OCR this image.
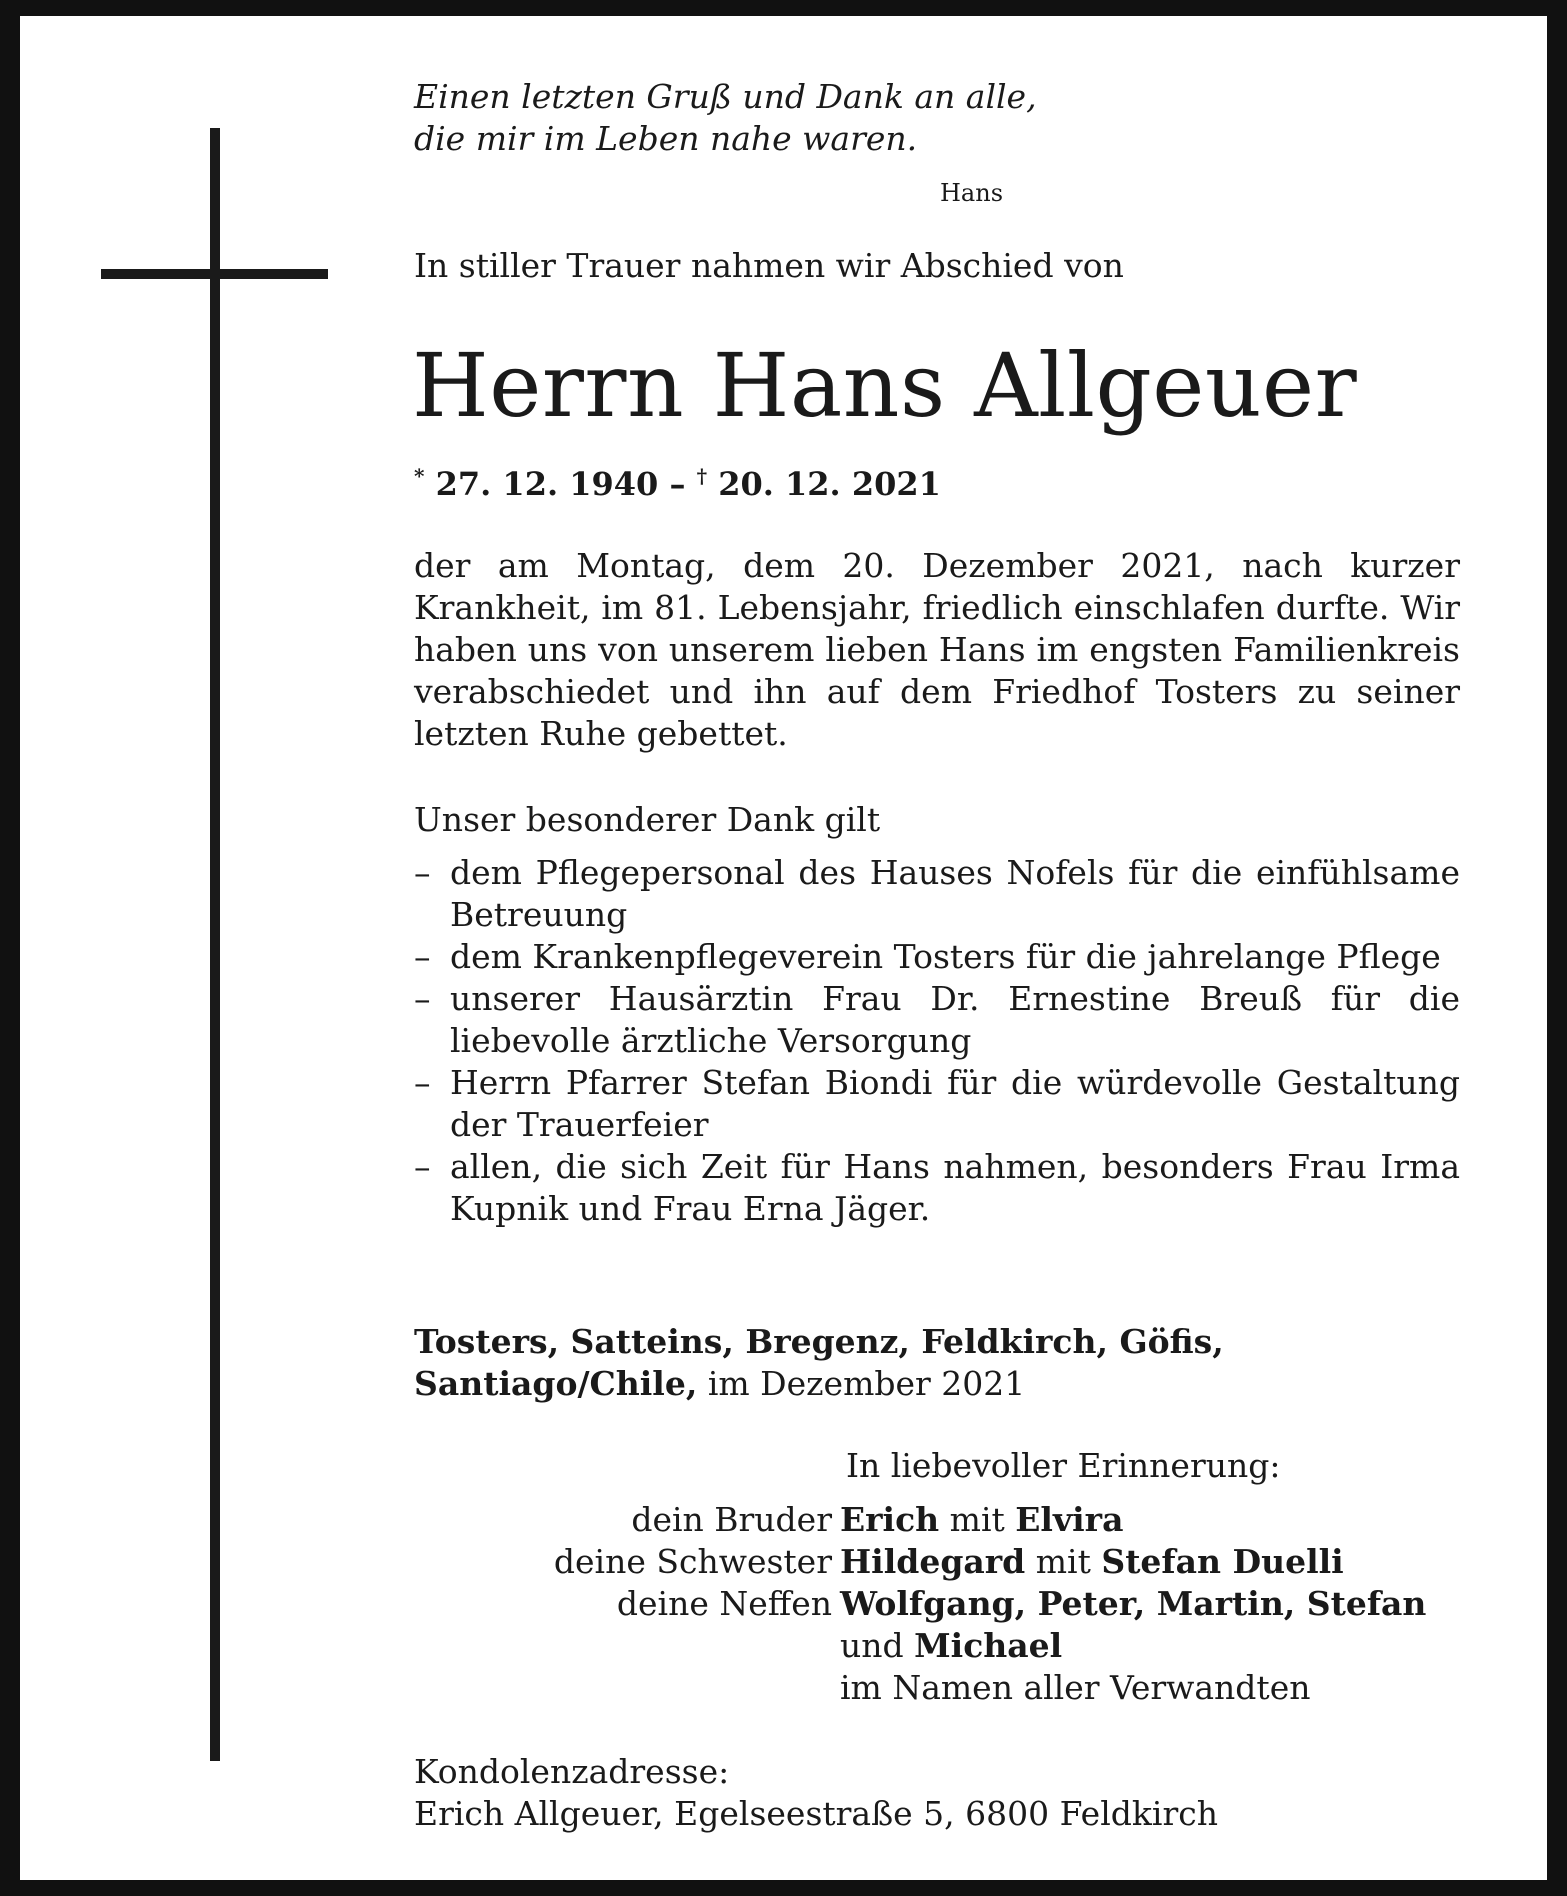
Einen letzten Gruß und Dank an alle,
die mir im Leben nahe waren.
Hans
In stiller Trauer nahmen wir Abschied von
Herrn Hans Allgeuer
* 27. 12. 1940 – † 20. 12. 2021
der am Montag, dem 20. Dezember 2021, nach kurzer Krankheit, im 81. Lebensjahr, friedlich einschlafen durfte. Wir haben uns von unserem lieben Hans im engsten Familienkreis verabschiedet und ihn auf dem Friedhof Tosters zu seiner letzten Ruhe gebettet.
Unser besonderer Dank gilt
– dem Pflegepersonal des Hauses Nofels für die einfühlsame Betreuung
– dem Krankenpflegeverein Tosters für die jahrelange Pflege
– unserer Hausärztin Frau Dr. Ernestine Breuß für die liebevolle ärztliche Versorgung
– Herrn Pfarrer Stefan Biondi für die würdevolle Gestaltung der Trauerfeier
– allen, die sich Zeit für Hans nahmen, besonders Frau Irma Kupnik und Frau Erna Jäger.
Tosters, Satteins, Bregenz, Feldkirch, Göfis, Santiago/Chile, im Dezember 2021
In liebevoller Erinnerung:
dein Bruder Erich mit Elvira
deine Schwester Hildegard mit Stefan Duelli
deine Neffen Wolfgang, Peter, Martin, Stefan
und Michael
im Namen aller Verwandten
Kondolenzadresse:
Erich Allgeuer, Egelseestraße 5, 6800 Feldkirch
